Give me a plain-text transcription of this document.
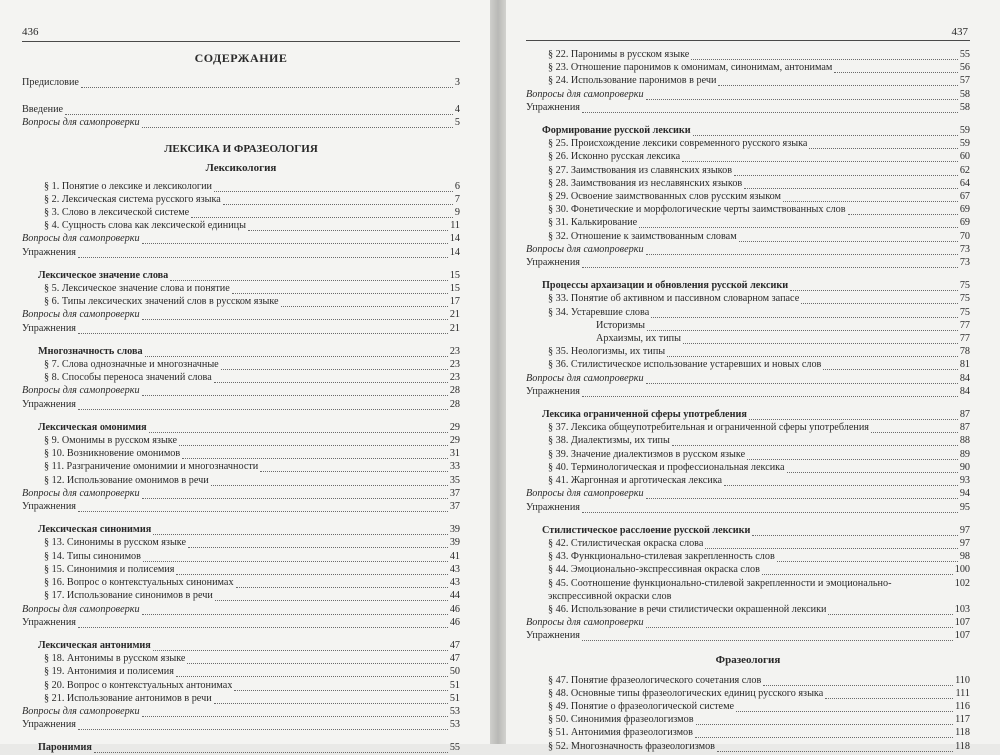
436
СОДЕРЖАНИЕ
Предисловие	3
Введение	4
Вопросы для самопроверки	5
ЛЕКСИКА И ФРАЗЕОЛОГИЯ
Лексикология
§ 1. Понятие о лексике и лексикологии	6
§ 2. Лексическая система русского языка	7
§ 3. Слово в лексической системе	9
§ 4. Сущность слова как лексической единицы	11
Вопросы для самопроверки	14
Упражнения	14
Лексическое значение слова	15
§ 5. Лексическое значение слова и понятие	15
§ 6. Типы лексических значений слов в русском языке	17
Вопросы для самопроверки	21
Упражнения	21
Многозначность слова	23
§ 7. Слова однозначные и многозначные	23
§ 8. Способы переноса значений слова	23
Вопросы для самопроверки	28
Упражнения	28
Лексическая омонимия	29
§ 9. Омонимы в русском языке	29
§ 10. Возникновение омонимов	31
§ 11. Разграничение омонимии и многозначности	33
§ 12. Использование омонимов в речи	35
Вопросы для самопроверки	37
Упражнения	37
Лексическая синонимия	39
§ 13. Синонимы в русском языке	39
§ 14. Типы синонимов	41
§ 15. Синонимия и полисемия	43
§ 16. Вопрос о контекстуальных синонимах	43
§ 17. Использование синонимов в речи	44
Вопросы для самопроверки	46
Упражнения	46
Лексическая антонимия	47
§ 18. Антонимы в русском языке	47
§ 19. Антонимия и полисемия	50
§ 20. Вопрос о контекстуальных антонимах	51
§ 21. Использование антонимов в речи	51
Вопросы для самопроверки	53
Упражнения	53
Паронимия	55
437
§ 22. Паронимы в русском языке	55
§ 23. Отношение паронимов к омонимам, синонимам, антонимам	56
§ 24. Использование паронимов в речи	57
Вопросы для самопроверки	58
Упражнения	58
Формирование русской лексики	59
§ 25. Происхождение лексики современного русского языка	59
§ 26. Исконно русская лексика	60
§ 27. Заимствования из славянских языков	62
§ 28. Заимствования из неславянских языков	64
§ 29. Освоение заимствованных слов русским языком	67
§ 30. Фонетические и морфологические черты заимствованных слов	69
§ 31. Калькирование	69
§ 32. Отношение к заимствованным словам	70
Вопросы для самопроверки	73
Упражнения	73
Процессы архаизации и обновления русской лексики	75
§ 33. Понятие об активном и пассивном словарном запасе	75
§ 34. Устаревшие слова	75
Историзмы	77
Архаизмы, их типы	77
§ 35. Неологизмы, их типы	78
§ 36. Стилистическое использование устаревших и новых слов	81
Вопросы для самопроверки	84
Упражнения	84
Лексика ограниченной сферы употребления	87
§ 37. Лексика общеупотребительная и ограниченной сферы употребления	87
§ 38. Диалектизмы, их типы	88
§ 39. Значение диалектизмов в русском языке	89
§ 40. Терминологическая и профессиональная лексика	90
§ 41. Жаргонная и арготическая лексика	93
Вопросы для самопроверки	94
Упражнения	95
Стилистическое расслоение русской лексики	97
§ 42. Стилистическая окраска слова	97
§ 43. Функционально-стилевая закрепленность слов	98
§ 44. Эмоционально-экспрессивная окраска слов	100
§ 45. Соотношение функционально-стилевой закрепленности и эмоционально-экспрессивной окраски слов
102
§ 46. Использование в речи стилистически окрашенной лексики	103
Вопросы для самопроверки	107
Упражнения	107
Фразеология
§ 47. Понятие фразеологического сочетания слов	110
§ 48. Основные типы фразеологических единиц русского языка	111
§ 49. Понятие о фразеологической системе	116
§ 50. Синонимия фразеологизмов	117
§ 51. Антонимия фразеологизмов	118
§ 52. Многозначность фразеологизмов	118
